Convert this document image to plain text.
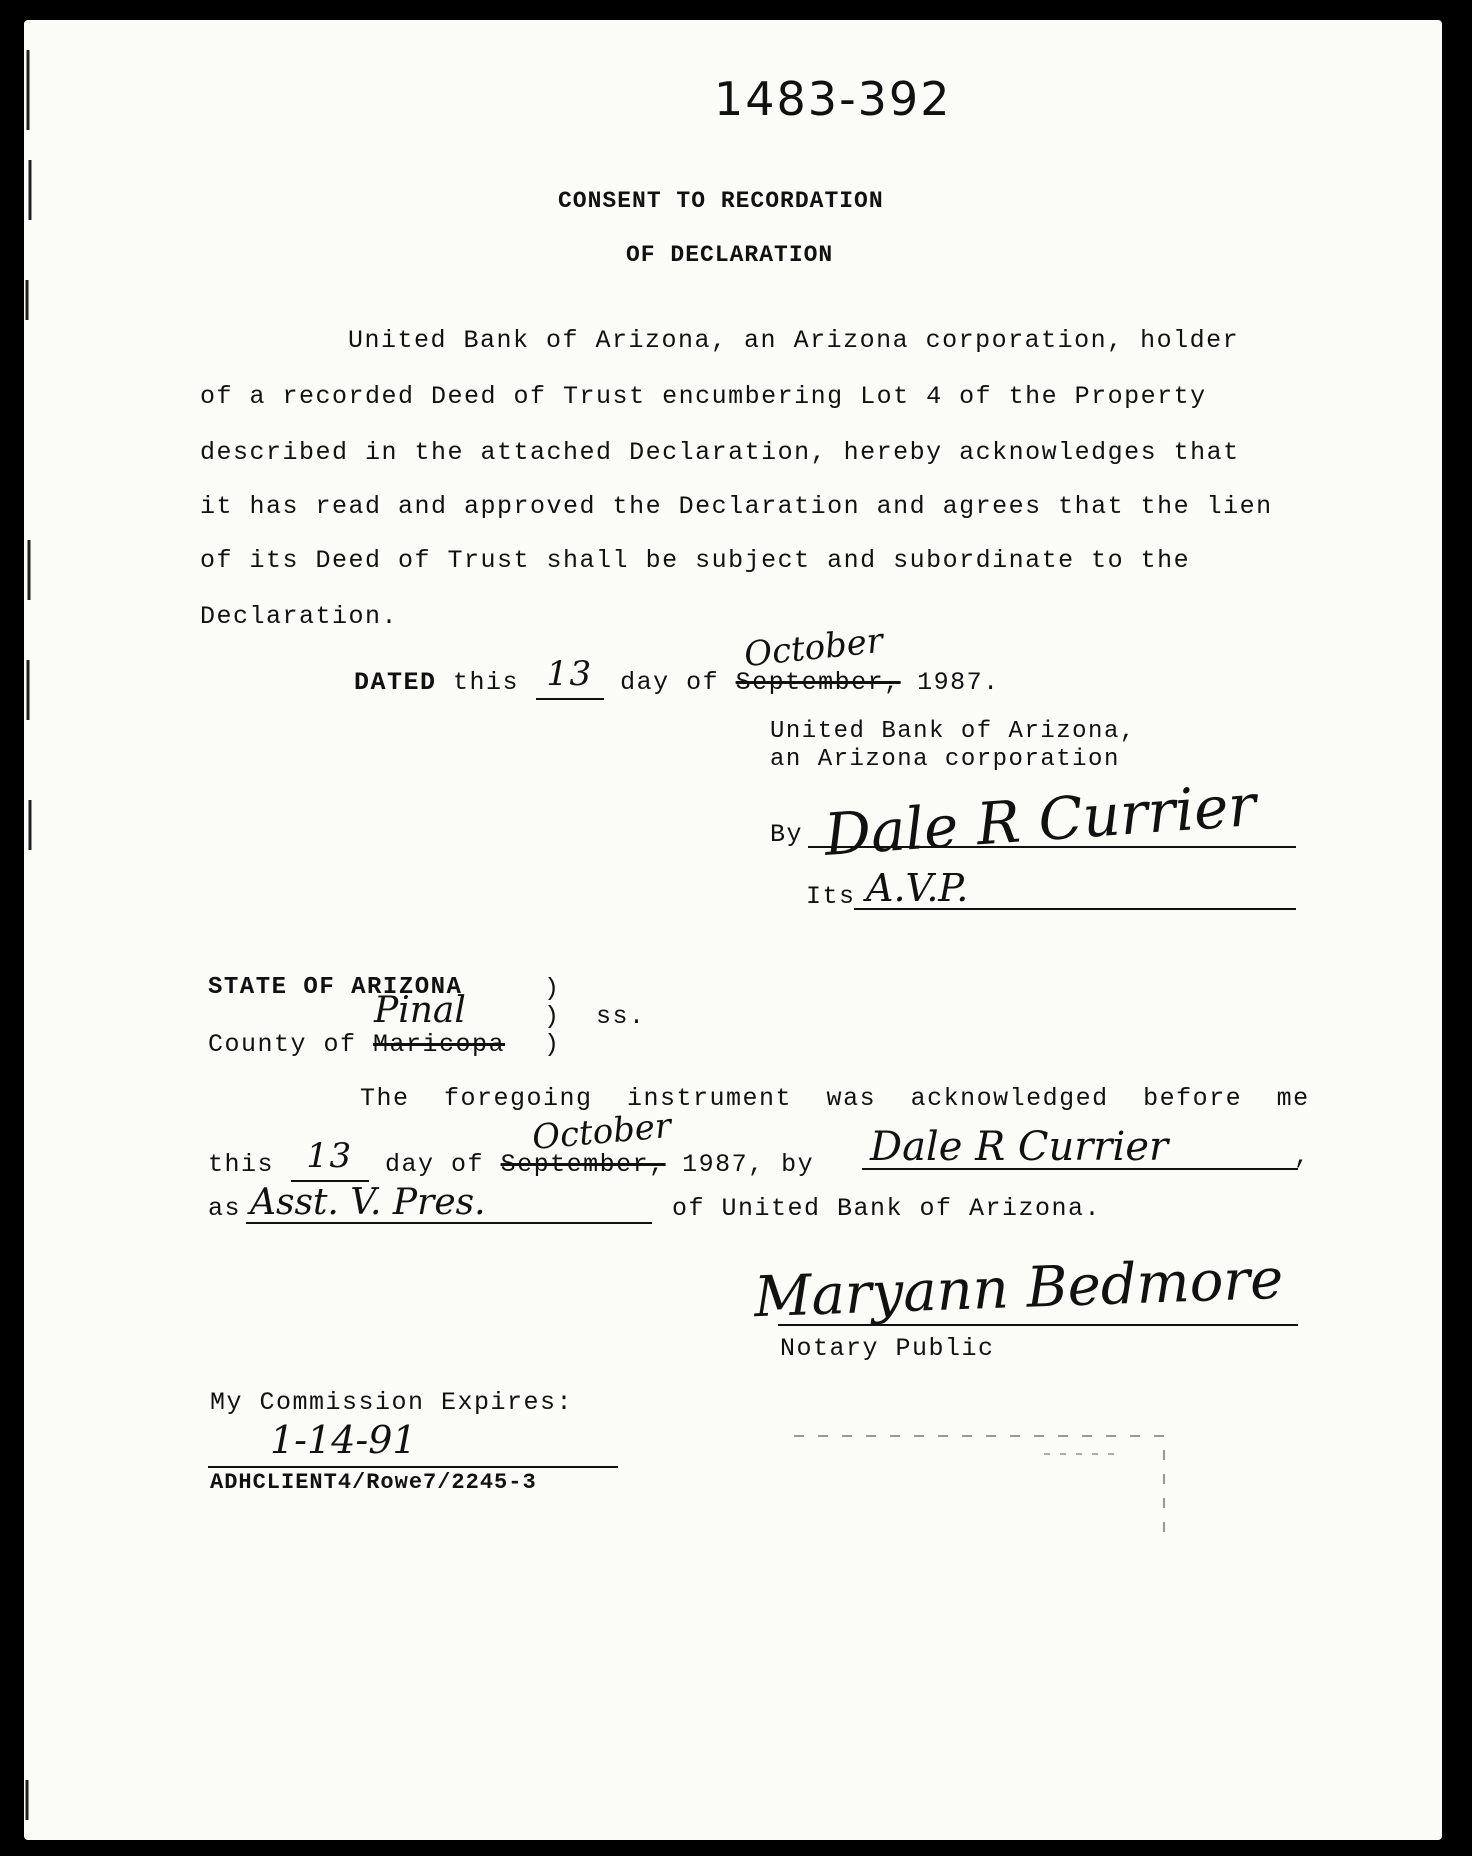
1483-392
CONSENT TO RECORDATION
OF DECLARATION
United Bank of Arizona, an Arizona corporation, holder
of a recorded Deed of Trust encumbering Lot 4 of the Property
described in the attached Declaration, hereby acknowledges that
it has read and approved the Declaration and agrees that the lien
of its Deed of Trust shall be subject and subordinate to the
Declaration.
DATED this 13 day of September, 1987.
October
United Bank of Arizona,
an Arizona corporation
By Dale R Currier
Its A.V.P.
STATE OF ARIZONA	)
) ss.
County of Maricopa )
Pinal
The foregoing instrument was acknowledged before me
this 13 day of September, 1987, by
October	Dale R Currier	,
as Asst. V. Pres.	of United Bank of Arizona.
Maryann Bedmore
Notary Public
My Commission Expires:
1-14-91
ADHCLIENT4/Rowe7/2245-3
